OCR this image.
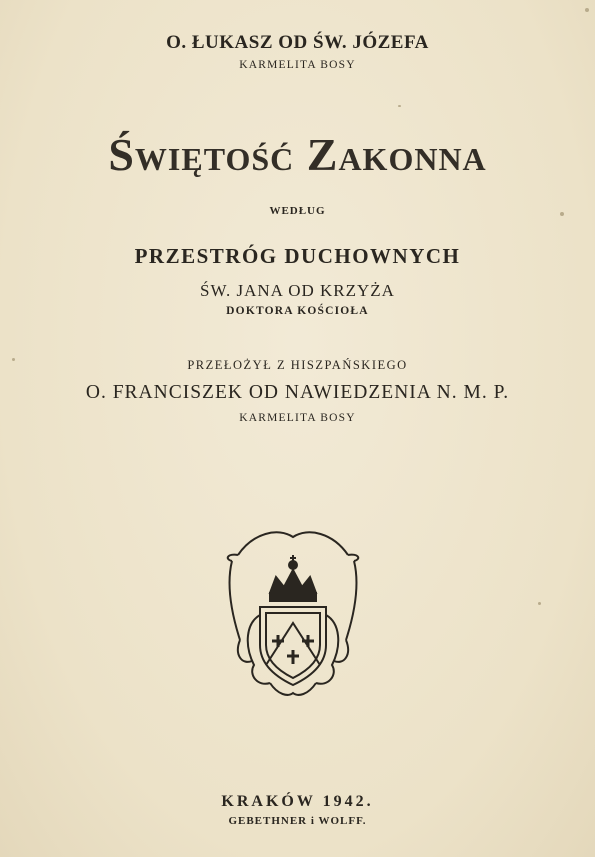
O. ŁUKASZ OD ŚW. JÓZEFA
KARMELITA BOSY
Świętość Zakonna
WEDŁUG
PRZESTRÓG DUCHOWNYCH
ŚW. JANA OD KRZYŻA
DOKTORA KOŚCIOŁA
PRZEŁOŻYŁ Z HISZPAŃSKIEGO
O. FRANCISZEK OD NAWIEDZENIA N. M. P.
KARMELITA BOSY
KRAKÓW 1942.
GEBETHNER i WOLFF.
